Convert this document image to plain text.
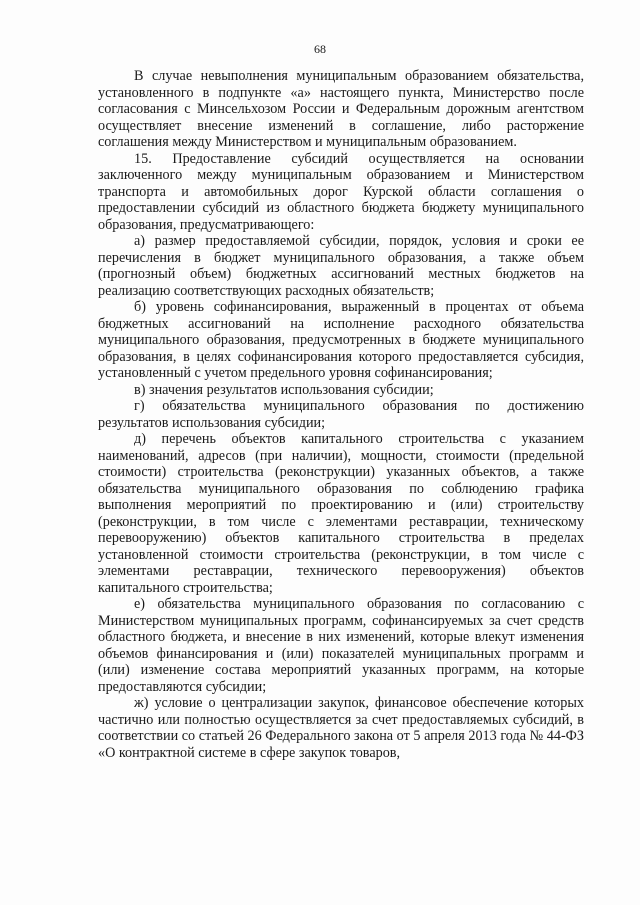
68

В случае невыполнения муниципальным образованием обязательства, установленного в подпункте «а» настоящего пункта, Министерство после согласования с Минсельхозом России и Федеральным дорожным агентством осуществляет внесение изменений в соглашение, либо расторжение соглашения между Министерством и муниципальным образованием.

15. Предоставление субсидий осуществляется на основании заключенного между муниципальным образованием и Министерством транспорта и автомобильных дорог Курской области соглашения о предоставлении субсидий из областного бюджета бюджету муниципального образования, предусматривающего:

а) размер предоставляемой субсидии, порядок, условия и сроки ее перечисления в бюджет муниципального образования, а также объем (прогнозный объем) бюджетных ассигнований местных бюджетов на реализацию соответствующих расходных обязательств;

б) уровень софинансирования, выраженный в процентах от объема бюджетных ассигнований на исполнение расходного обязательства муниципального образования, предусмотренных в бюджете муниципального образования, в целях софинансирования которого предоставляется субсидия, установленный с учетом предельного уровня софинансирования;

в) значения результатов использования субсидии;

г) обязательства муниципального образования по достижению результатов использования субсидии;

д) перечень объектов капитального строительства с указанием наименований, адресов (при наличии), мощности, стоимости (предельной стоимости) строительства (реконструкции) указанных объектов, а также обязательства муниципального образования по соблюдению графика выполнения мероприятий по проектированию и (или) строительству (реконструкции, в том числе с элементами реставрации, техническому перевооружению) объектов капитального строительства в пределах установленной стоимости строительства (реконструкции, в том числе с элементами реставрации, технического перевооружения) объектов капитального строительства;

е) обязательства муниципального образования по согласованию с Министерством муниципальных программ, софинансируемых за счет средств областного бюджета, и внесение в них изменений, которые влекут изменения объемов финансирования и (или) показателей муниципальных программ и (или) изменение состава мероприятий указанных программ, на которые предоставляются субсидии;

ж) условие о централизации закупок, финансовое обеспечение которых частично или полностью осуществляется за счет предоставляемых субсидий, в соответствии со статьей 26 Федерального закона от 5 апреля 2013 года № 44-ФЗ «О контрактной системе в сфере закупок товаров,
